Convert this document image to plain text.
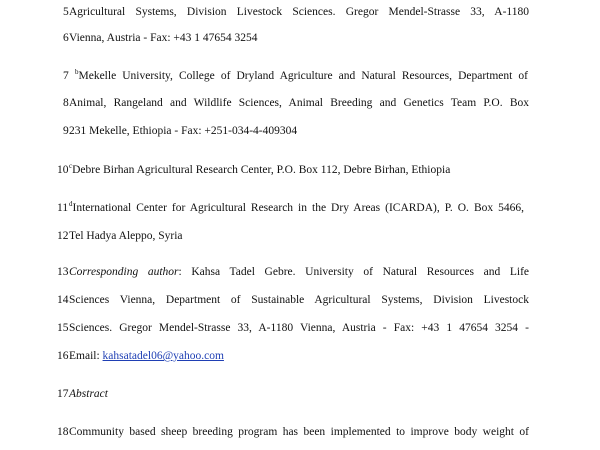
5 Agricultural Systems, Division Livestock Sciences. Gregor Mendel-Strasse 33, A-1180
6 Vienna, Austria - Fax: +43 1 47654 3254
7 $^b$Mekelle University, College of Dryland Agriculture and Natural Resources, Department of
8 Animal, Rangeland and Wildlife Sciences, Animal Breeding and Genetics Team P.O. Box
9 231 Mekelle, Ethiopia - Fax: +251-034-4-409304
10 $^c$Debre Birhan Agricultural Research Center, P.O. Box 112, Debre Birhan, Ethiopia
11 $^d$International Center for Agricultural Research in the Dry Areas (ICARDA), P. O. Box 5466,
12 Tel Hadya Aleppo, Syria
13 Corresponding author: Kahsa Tadel Gebre. University of Natural Resources and Life
14 Sciences Vienna, Department of Sustainable Agricultural Systems, Division Livestock
15 Sciences. Gregor Mendel-Strasse 33, A-1180 Vienna, Austria - Fax: +43 1 47654 3254 -
16 Email: kahsatadel06@yahoo.com
17 Abstract
18 Community based sheep breeding program has been implemented to improve body weight of
